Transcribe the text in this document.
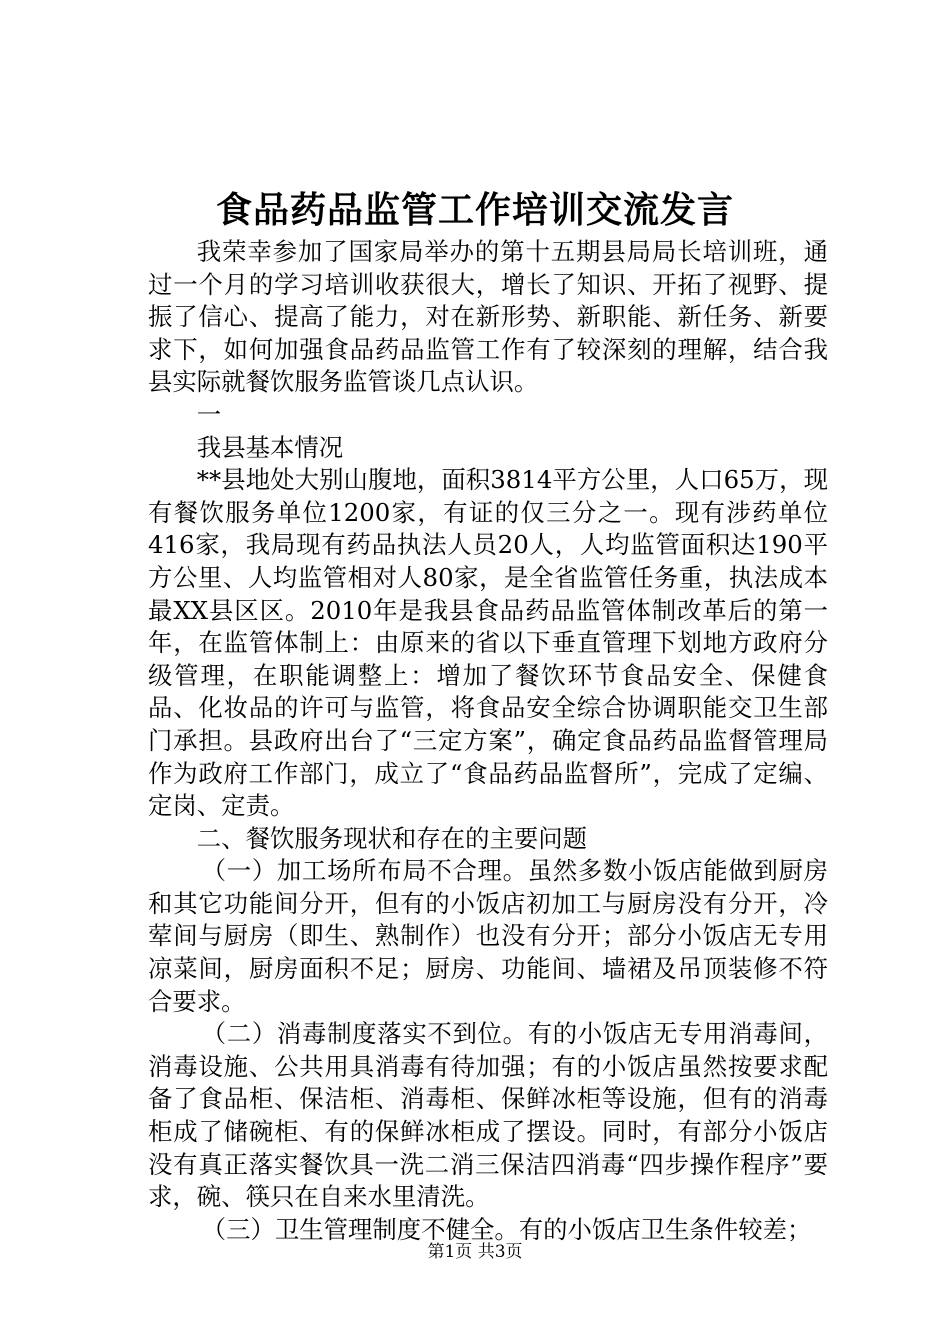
食品药品监管工作培训交流发言

我荣幸参加了国家局举办的第十五期县局局长培训班，通过一个月的学习培训收获很大，增长了知识、开拓了视野、提振了信心、提高了能力，对在新形势、新职能、新任务、新要求下，如何加强食品药品监管工作有了较深刻的理解，结合我县实际就餐饮服务监管谈几点认识。

一

我县基本情况

**县地处大别山腹地，面积3814平方公里，人口65万，现有餐饮服务单位1200家，有证的仅三分之一。现有涉药单位416家，我局现有药品执法人员20人，人均监管面积达190平方公里、人均监管相对人80家，是全省监管任务重，执法成本最XX县区区。2010年是我县食品药品监管体制改革后的第一年，在监管体制上：由原来的省以下垂直管理下划地方政府分级管理，在职能调整上：增加了餐饮环节食品安全、保健食品、化妆品的许可与监管，将食品安全综合协调职能交卫生部门承担。县政府出台了“三定方案”，确定食品药品监督管理局作为政府工作部门，成立了“食品药品监督所”，完成了定编、定岗、定责。

二、餐饮服务现状和存在的主要问题

（一）加工场所布局不合理。虽然多数小饭店能做到厨房和其它功能间分开，但有的小饭店初加工与厨房没有分开，冷荤间与厨房（即生、熟制作）也没有分开；部分小饭店无专用凉菜间，厨房面积不足；厨房、功能间、墙裙及吊顶装修不符合要求。

（二）消毒制度落实不到位。有的小饭店无专用消毒间，消毒设施、公共用具消毒有待加强；有的小饭店虽然按要求配备了食品柜、保洁柜、消毒柜、保鲜冰柜等设施，但有的消毒柜成了储碗柜、有的保鲜冰柜成了摆设。同时，有部分小饭店没有真正落实餐饮具一洗二消三保洁四消毒“四步操作程序”要求，碗、筷只在自来水里清洗。

（三）卫生管理制度不健全。有的小饭店卫生条件较差；

第1页 共3页
